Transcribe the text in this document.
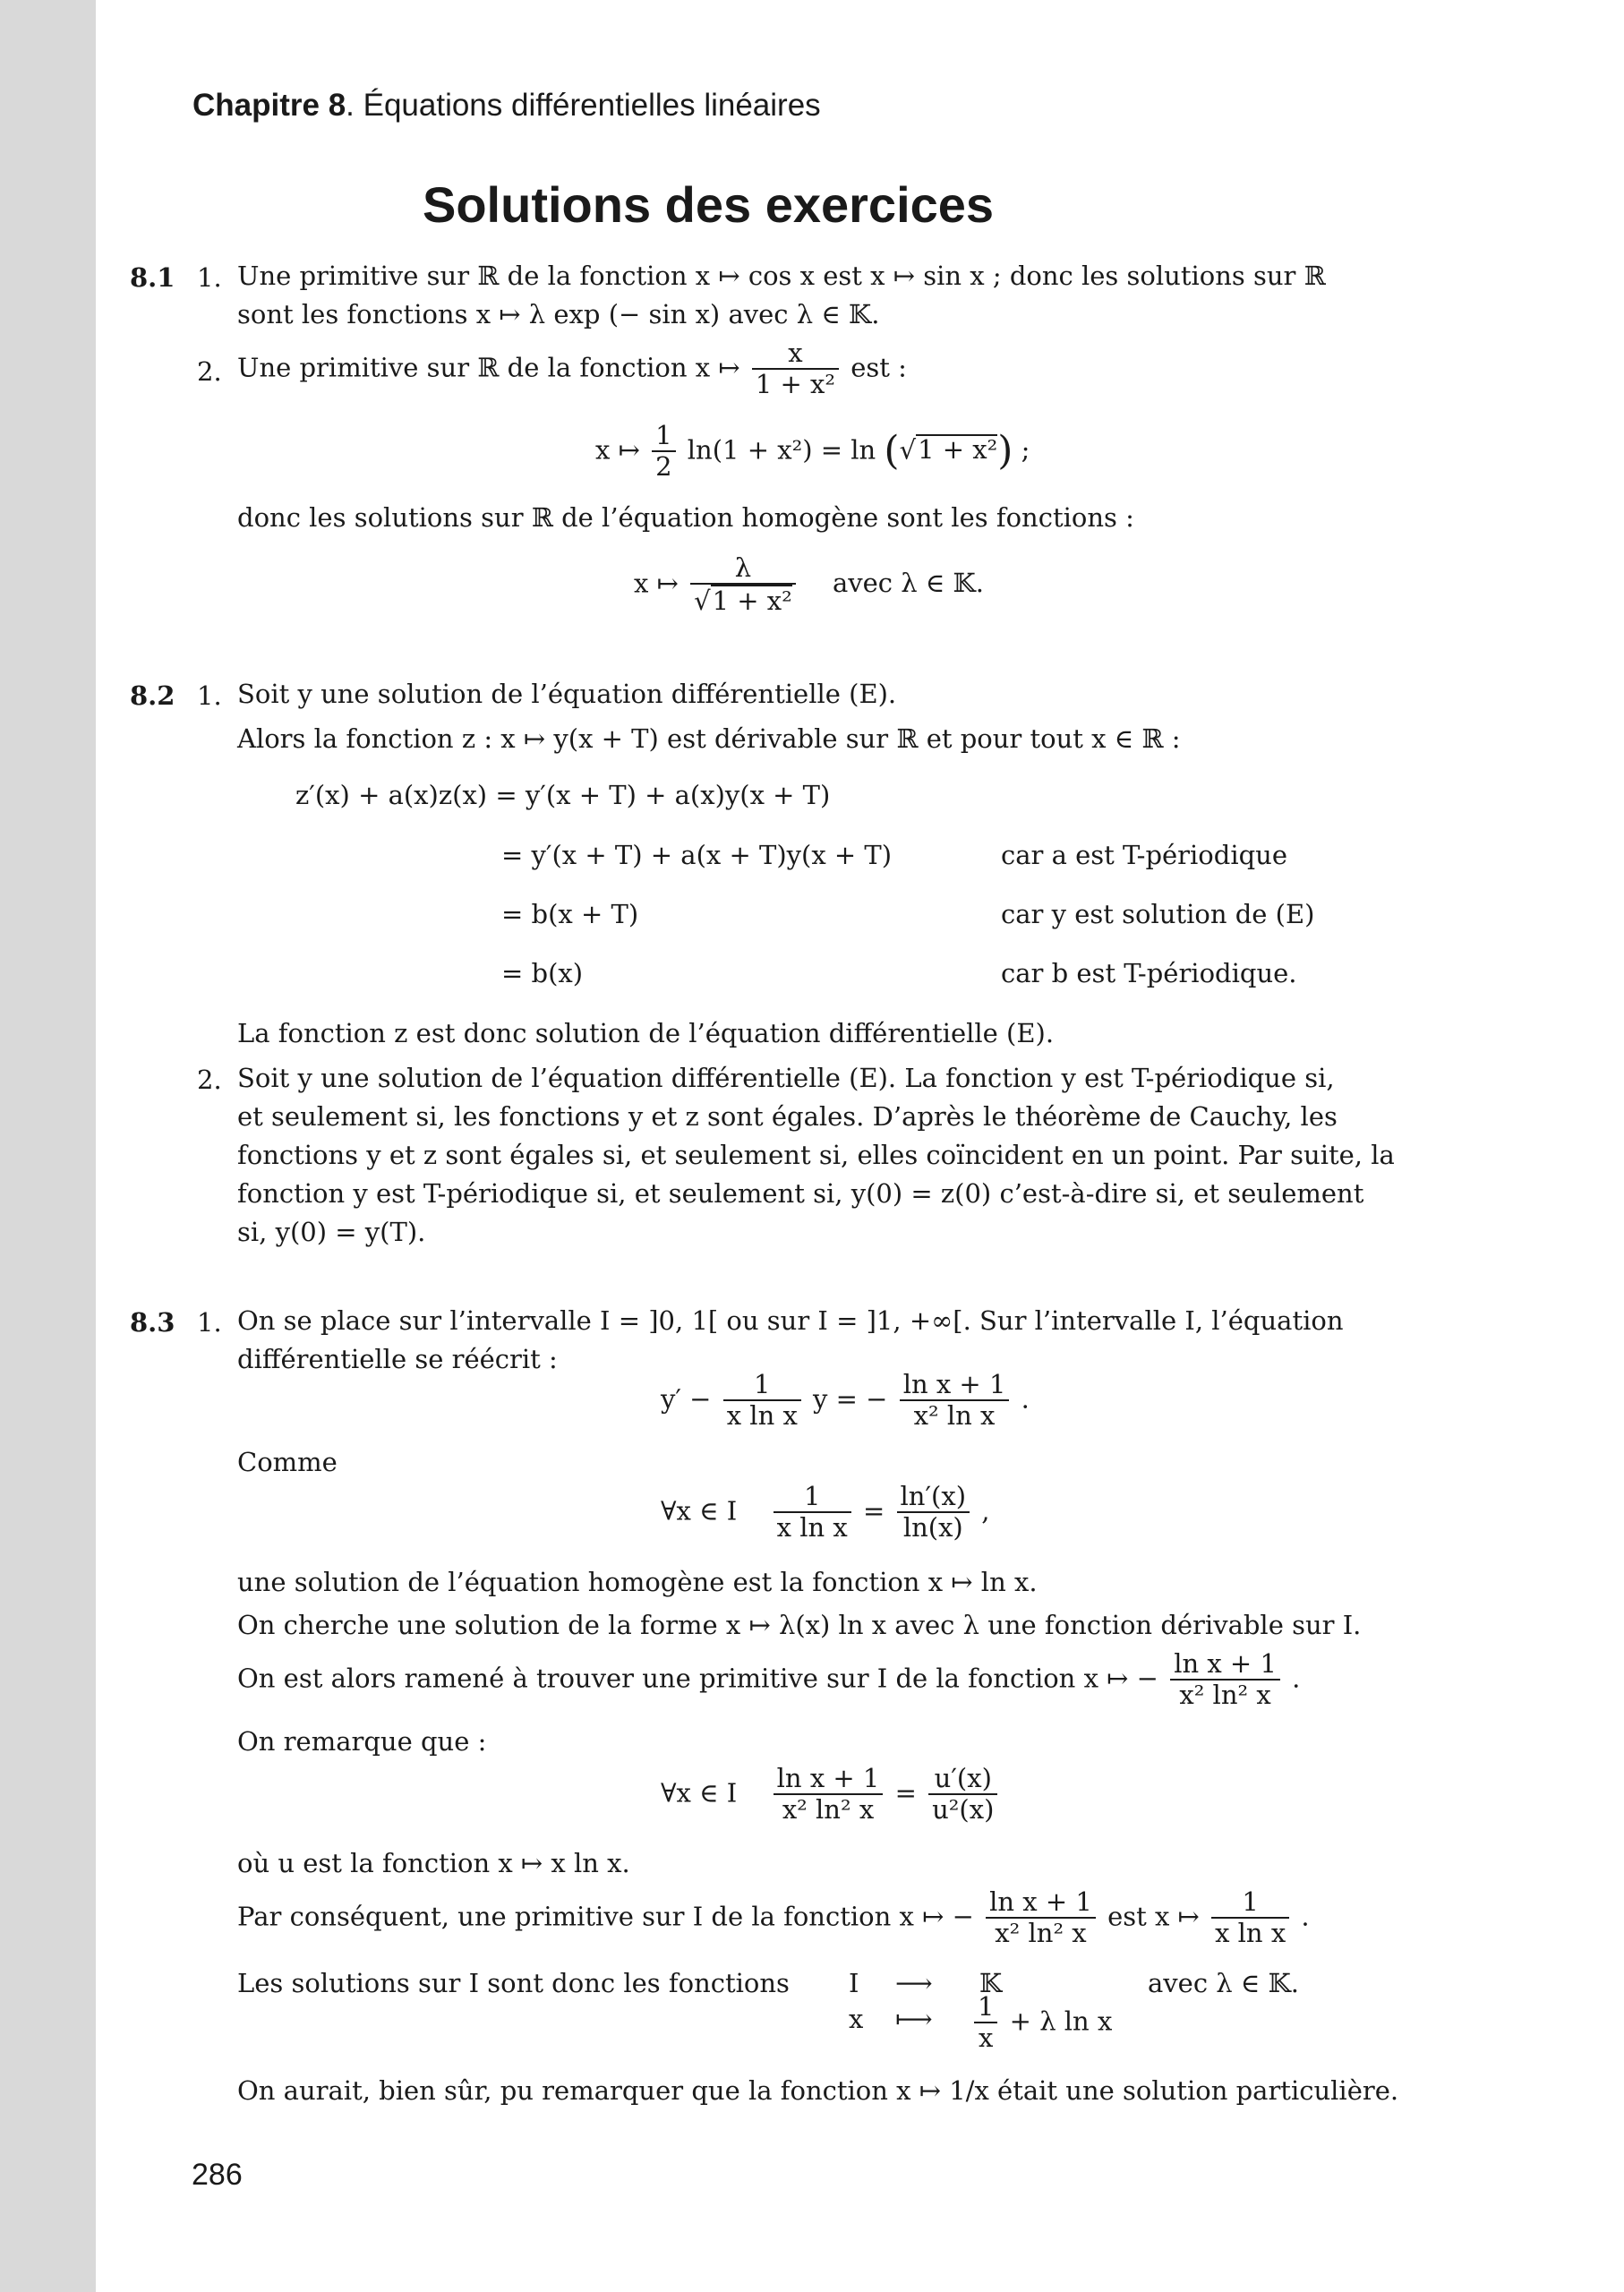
Chapitre 8. Équations différentielles linéaires
Solutions des exercices
8.1 1. Une primitive sur ℝ de la fonction x ↦ cos x est x ↦ sin x ; donc les solutions sur ℝ
sont les fonctions x ↦ λ exp (− sin x) avec λ ∈ 𝕂.
2. Une primitive sur ℝ de la fonction x ↦ $\frac{x}{\text{1 + x²}}$ est :
x ↦ $\frac{1}{2} \ln(1 + x^2) = \ln (√1 + x^2)$ ;
donc les solutions sur ℝ de l’équation homogène sont les fonctions :
x ↦ $\frac{\lambda}{\text{√1 + x²}}$ avec λ ∈ 𝕂.
8.2 1. Soit y une solution de l’équation différentielle (E).
Alors la fonction z : x ↦ y(x + T) est dérivable sur ℝ et pour tout x ∈ ℝ :
z′(x) + a(x)z(x) = y′(x + T) + a(x)y(x + T)
= y′(x + T) + a(x + T)y(x + T)	car a est T-périodique
= b(x + T)	car y est solution de (E)
= b(x)	car b est T-périodique.
La fonction z est donc solution de l’équation différentielle (E).
2. Soit y une solution de l’équation différentielle (E). La fonction y est T-périodique si,
et seulement si, les fonctions y et z sont égales. D’après le théorème de Cauchy, les
fonctions y et z sont égales si, et seulement si, elles coïncident en un point. Par suite, la
fonction y est T-périodique si, et seulement si, y(0) = z(0) c’est-à-dire si, et seulement
si, y(0) = y(T).
8.3 1. On se place sur l’intervalle I = ]0, 1[ ou sur I = ]1, +∞[. Sur l’intervalle I, l’équation
différentielle se réécrit :
$y' - \frac{1}{\text{x ln x}}$ y = − $\frac{\text{ln x + 1}}{\text{x² ln x}}$ .
Comme
∀x ∈ I $\frac{1}{\text{x ln x}} = \frac{\ln'(x)}{\ln(x)}$ ,
une solution de l’équation homogène est la fonction x ↦ ln x.
On cherche une solution de la forme x ↦ λ(x) ln x avec λ une fonction dérivable sur I.
On est alors ramené à trouver une primitive sur I de la fonction x ↦ − $\frac{\text{ln x + 1}}{\text{x² ln² x}}$ .
On remarque que :
∀x ∈ I $\frac{\text{ln x + 1}}{\text{x² ln² x}} = \frac{u'(x)}{\text{u²(x)}}$
où u est la fonction x ↦ x ln x.
Par conséquent, une primitive sur I de la fonction x ↦ − $\frac{\text{ln x + 1}}{\text{x² ln² x}}$ est x ↦ $\frac{1}{\text{x ln x}}$ .
Les solutions sur I sont donc les fonctions I ⟶ 𝕂	avec λ ∈ 𝕂.
x ⟼ $\frac{1}{x} + \lambda$ ln x
On aurait, bien sûr, pu remarquer que la fonction x ↦ 1/x était une solution particulière.
286
